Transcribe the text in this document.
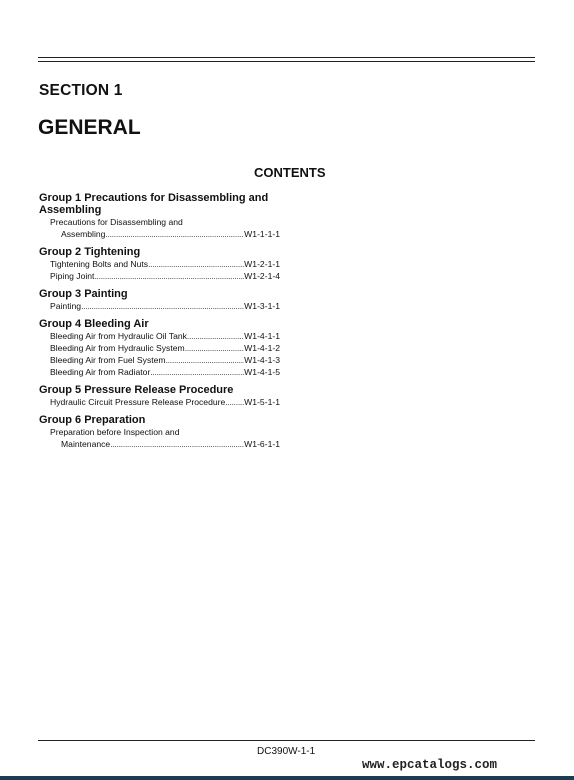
SECTION 1
GENERAL
CONTENTS
Group 1 Precautions for Disassembling and
Assembling
Precautions for Disassembling and
Assembling .....	W1-1-1-1
Group 2 Tightening
Tightening Bolts and Nuts .....	W1-2-1-1
Piping Joint .....	W1-2-1-4
Group 3 Painting
Painting .....	W1-3-1-1
Group 4 Bleeding Air
Bleeding Air from Hydraulic Oil Tank .....	W1-4-1-1
Bleeding Air from Hydraulic System .....	W1-4-1-2
Bleeding Air from Fuel System .....	W1-4-1-3
Bleeding Air from Radiator .....	W1-4-1-5
Group 5 Pressure Release Procedure
Hydraulic Circuit Pressure Release Procedure ..... W1-5-1-1
Group 6 Preparation
Preparation before Inspection and
Maintenance .....	W1-6-1-1
DC390W-1-1
www.epcatalogs.com
